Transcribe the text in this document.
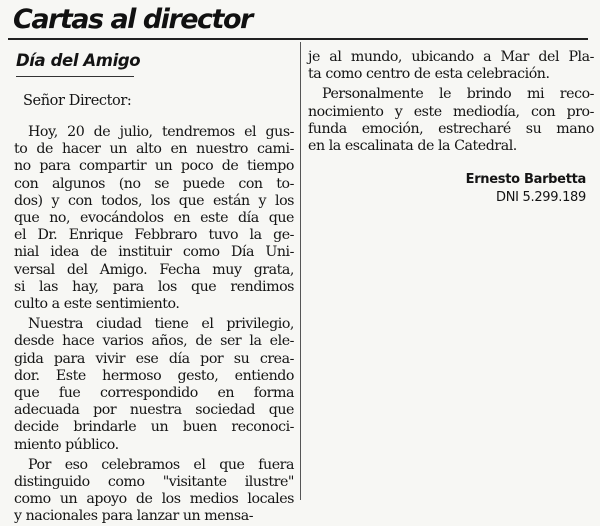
Cartas al director
Día del Amigo
Señor Director:
Hoy, 20 de julio, tendremos el gus-
to de hacer un alto en nuestro cami-
no para compartir un poco de tiempo
con algunos (no se puede con to-
dos) y con todos, los que están y los
que no, evocándolos en este día que
el Dr. Enrique Febbraro tuvo la ge-
nial idea de instituir como Día Uni-
versal del Amigo. Fecha muy grata,
si las hay, para los que rendimos
culto a este sentimiento.
Nuestra ciudad tiene el privilegio,
desde hace varios años, de ser la ele-
gida para vivir ese día por su crea-
dor. Este hermoso gesto, entiendo
que fue correspondido en forma
adecuada por nuestra sociedad que
decide brindarle un buen reconoci-
miento público.
Por eso celebramos el que fuera
distinguido como "visitante ilustre"
como un apoyo de los medios locales
y nacionales para lanzar un mensa-
je al mundo, ubicando a Mar del Pla-
ta como centro de esta celebración.
Personalmente le brindo mi reco-
nocimiento y este mediodía, con pro-
funda emoción, estrecharé su mano
en la escalinata de la Catedral.
Ernesto Barbetta
DNI 5.299.189
